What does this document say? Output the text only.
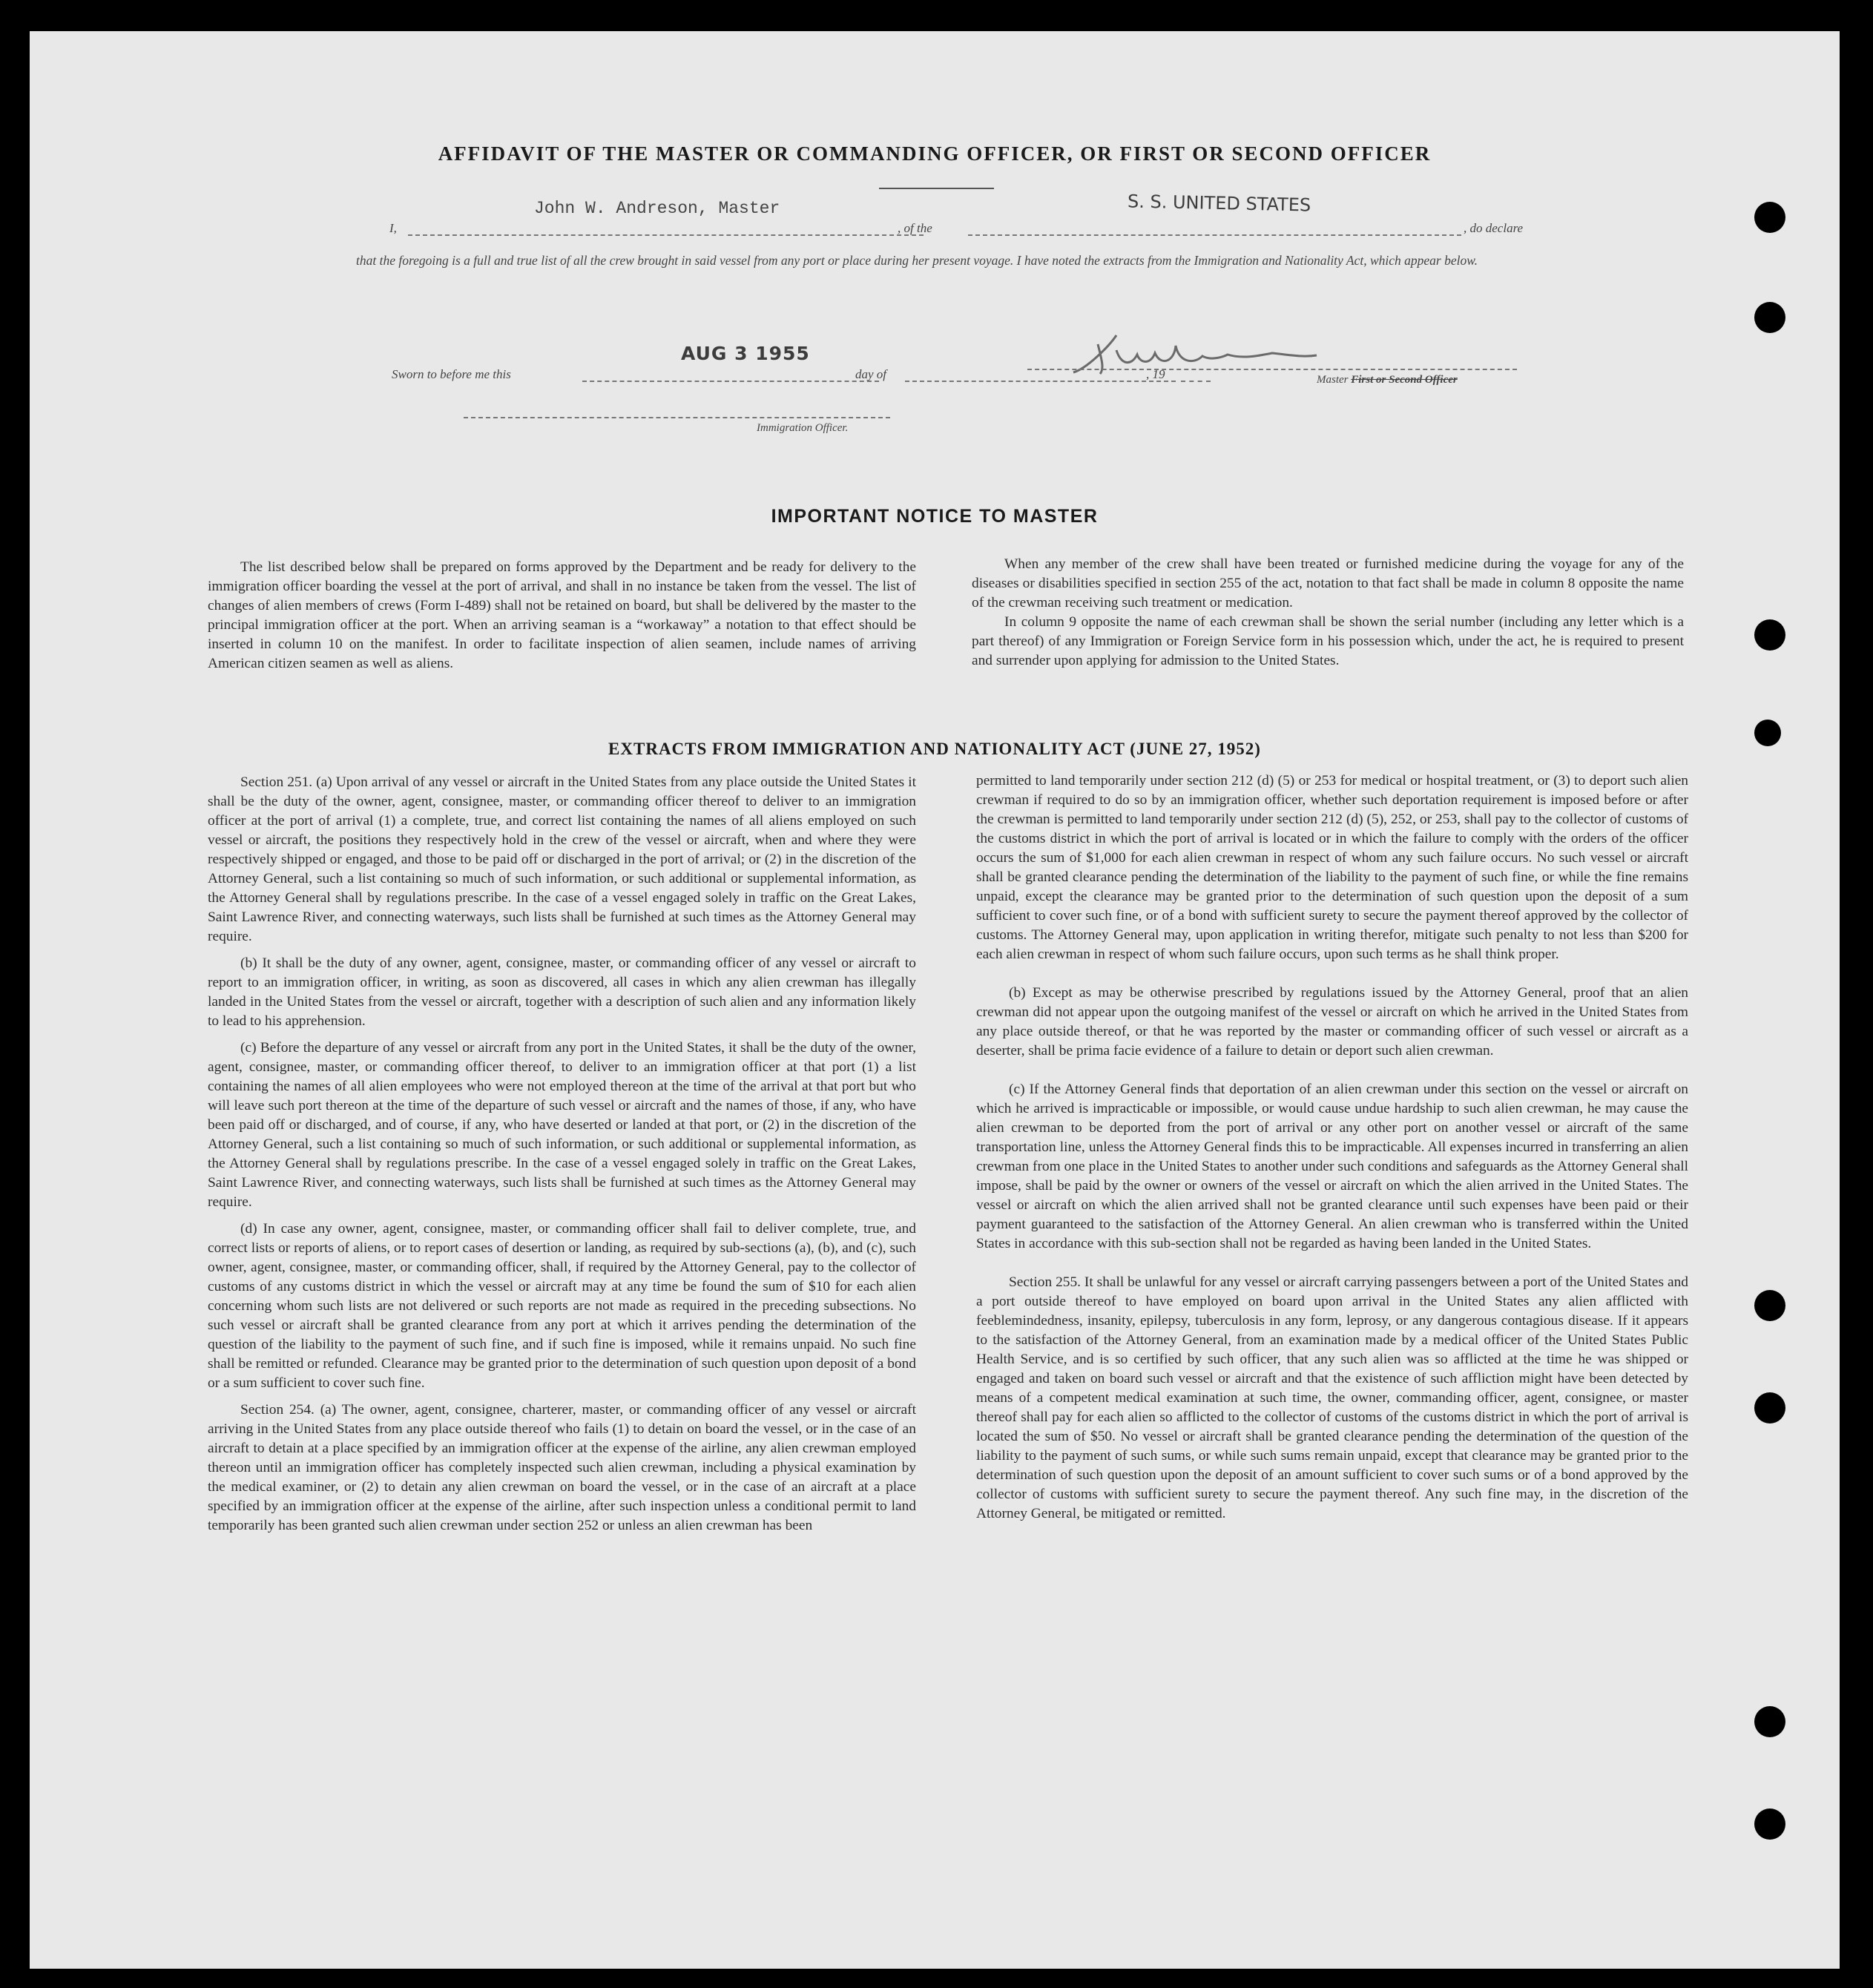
AFFIDAVIT OF THE MASTER OR COMMANDING OFFICER, OR FIRST OR SECOND OFFICER
I,
John W. Andreson, Master
, of the
S. S. UNITED STATES
, do declare
that the foregoing is a full and true list of all the crew brought in said vessel from any port or place during her present voyage. I have noted the extracts from the Immigration and Nationality Act, which appear below.
Master First or Second Officer
Sworn to before me this
AUG 3 1955
day of	, 19
Immigration Officer.
IMPORTANT NOTICE TO MASTER

The list described below shall be prepared on forms approved by the Department and be ready for delivery to the immigration officer boarding the vessel at the port of arrival, and shall in no instance be taken from the vessel. The list of changes of alien members of crews (Form I-489) shall not be retained on board, but shall be delivered by the master to the principal immigration officer at the port. When an arriving seaman is a “workaway” a notation to that effect should be inserted in column 10 on the manifest. In order to facilitate inspection of alien seamen, include names of arriving American citizen seamen as well as aliens.

When any member of the crew shall have been treated or furnished medicine during the voyage for any of the diseases or disabilities specified in section 255 of the act, notation to that fact shall be made in column 8 opposite the name of the crewman receiving such treatment or medication.

In column 9 opposite the name of each crewman shall be shown the serial number (including any letter which is a part thereof) of any Immigration or Foreign Service form in his possession which, under the act, he is required to present and surrender upon applying for admission to the United States.

EXTRACTS FROM IMMIGRATION AND NATIONALITY ACT (JUNE 27, 1952)

Section 251. (a) Upon arrival of any vessel or aircraft in the United States from any place outside the United States it shall be the duty of the owner, agent, consignee, master, or commanding officer thereof to deliver to an immigration officer at the port of arrival (1) a complete, true, and correct list containing the names of all aliens employed on such vessel or aircraft, the positions they respectively hold in the crew of the vessel or aircraft, when and where they were respectively shipped or engaged, and those to be paid off or discharged in the port of arrival; or (2) in the discretion of the Attorney General, such a list containing so much of such information, or such additional or supplemental information, as the Attorney General shall by regulations prescribe. In the case of a vessel engaged solely in traffic on the Great Lakes, Saint Lawrence River, and connecting waterways, such lists shall be furnished at such times as the Attorney General may require.

(b) It shall be the duty of any owner, agent, consignee, master, or commanding officer of any vessel or aircraft to report to an immigration officer, in writing, as soon as discovered, all cases in which any alien crewman has illegally landed in the United States from the vessel or aircraft, together with a description of such alien and any information likely to lead to his apprehension.

(c) Before the departure of any vessel or aircraft from any port in the United States, it shall be the duty of the owner, agent, consignee, master, or commanding officer thereof, to deliver to an immigration officer at that port (1) a list containing the names of all alien employees who were not employed thereon at the time of the arrival at that port but who will leave such port thereon at the time of the departure of such vessel or aircraft and the names of those, if any, who have been paid off or discharged, and of course, if any, who have deserted or landed at that port, or (2) in the discretion of the Attorney General, such a list containing so much of such information, or such additional or supplemental information, as the Attorney General shall by regulations prescribe. In the case of a vessel engaged solely in traffic on the Great Lakes, Saint Lawrence River, and connecting waterways, such lists shall be furnished at such times as the Attorney General may require.

(d) In case any owner, agent, consignee, master, or commanding officer shall fail to deliver complete, true, and correct lists or reports of aliens, or to report cases of desertion or landing, as required by sub-sections (a), (b), and (c), such owner, agent, consignee, master, or commanding officer, shall, if required by the Attorney General, pay to the collector of customs of any customs district in which the vessel or aircraft may at any time be found the sum of $10 for each alien concerning whom such lists are not delivered or such reports are not made as required in the preceding subsections. No such vessel or aircraft shall be granted clearance from any port at which it arrives pending the determination of the question of the liability to the payment of such fine, and if such fine is imposed, while it remains unpaid. No such fine shall be remitted or refunded. Clearance may be granted prior to the determination of such question upon deposit of a bond or a sum sufficient to cover such fine.

Section 254. (a) The owner, agent, consignee, charterer, master, or commanding officer of any vessel or aircraft arriving in the United States from any place outside thereof who fails (1) to detain on board the vessel, or in the case of an aircraft to detain at a place specified by an immigration officer at the expense of the airline, any alien crewman employed thereon until an immigration officer has completely inspected such alien crewman, including a physical examination by the medical examiner, or (2) to detain any alien crewman on board the vessel, or in the case of an aircraft at a place specified by an immigration officer at the expense of the airline, after such inspection unless a conditional permit to land temporarily has been granted such alien crewman under section 252 or unless an alien crewman has been

permitted to land temporarily under section 212 (d) (5) or 253 for medical or hospital treatment, or (3) to deport such alien crewman if required to do so by an immigration officer, whether such deportation requirement is imposed before or after the crewman is permitted to land temporarily under section 212 (d) (5), 252, or 253, shall pay to the collector of customs of the customs district in which the port of arrival is located or in which the failure to comply with the orders of the officer occurs the sum of $1,000 for each alien crewman in respect of whom any such failure occurs. No such vessel or aircraft shall be granted clearance pending the determination of the liability to the payment of such fine, or while the fine remains unpaid, except the clearance may be granted prior to the determination of such question upon the deposit of a sum sufficient to cover such fine, or of a bond with sufficient surety to secure the payment thereof approved by the collector of customs. The Attorney General may, upon application in writing therefor, mitigate such penalty to not less than $200 for each alien crewman in respect of whom such failure occurs, upon such terms as he shall think proper.

(b) Except as may be otherwise prescribed by regulations issued by the Attorney General, proof that an alien crewman did not appear upon the outgoing manifest of the vessel or aircraft on which he arrived in the United States from any place outside thereof, or that he was reported by the master or commanding officer of such vessel or aircraft as a deserter, shall be prima facie evidence of a failure to detain or deport such alien crewman.

(c) If the Attorney General finds that deportation of an alien crewman under this section on the vessel or aircraft on which he arrived is impracticable or impossible, or would cause undue hardship to such alien crewman, he may cause the alien crewman to be deported from the port of arrival or any other port on another vessel or aircraft of the same transportation line, unless the Attorney General finds this to be impracticable. All expenses incurred in transferring an alien crewman from one place in the United States to another under such conditions and safeguards as the Attorney General shall impose, shall be paid by the owner or owners of the vessel or aircraft on which the alien arrived in the United States. The vessel or aircraft on which the alien arrived shall not be granted clearance until such expenses have been paid or their payment guaranteed to the satisfaction of the Attorney General. An alien crewman who is transferred within the United States in accordance with this sub-section shall not be regarded as having been landed in the United States.

Section 255. It shall be unlawful for any vessel or aircraft carrying passengers between a port of the United States and a port outside thereof to have employed on board upon arrival in the United States any alien afflicted with feeblemindedness, insanity, epilepsy, tuberculosis in any form, leprosy, or any dangerous contagious disease. If it appears to the satisfaction of the Attorney General, from an examination made by a medical officer of the United States Public Health Service, and is so certified by such officer, that any such alien was so afflicted at the time he was shipped or engaged and taken on board such vessel or aircraft and that the existence of such affliction might have been detected by means of a competent medical examination at such time, the owner, commanding officer, agent, consignee, or master thereof shall pay for each alien so afflicted to the collector of customs of the customs district in which the port of arrival is located the sum of $50. No vessel or aircraft shall be granted clearance pending the determination of the question of the liability to the payment of such sums, or while such sums remain unpaid, except that clearance may be granted prior to the determination of such question upon the deposit of an amount sufficient to cover such sums or of a bond approved by the collector of customs with sufficient surety to secure the payment thereof. Any such fine may, in the discretion of the Attorney General, be mitigated or remitted.
